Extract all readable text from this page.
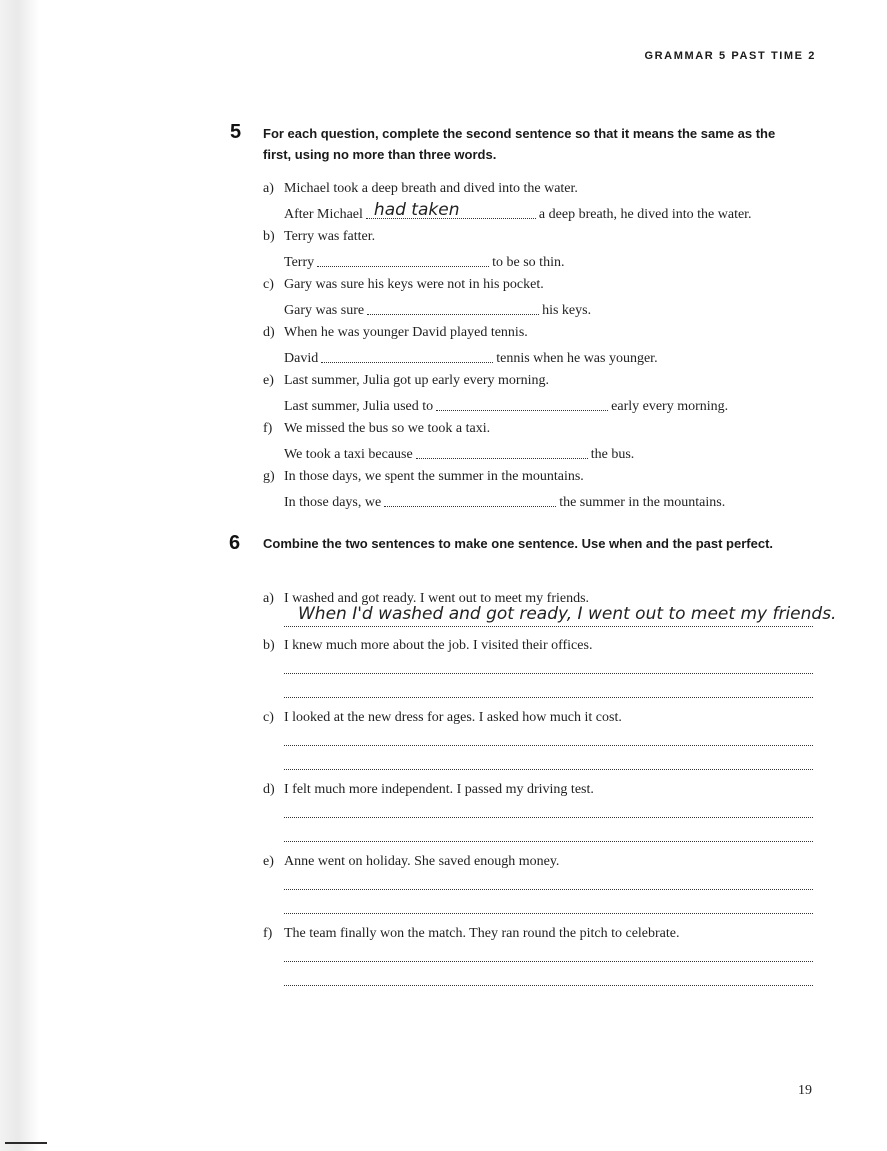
GRAMMAR 5 PAST TIME 2
5 For each question, complete the second sentence so that it means the same as the first, using no more than three words.
a) Michael took a deep breath and dived into the water.
After Michael had taken	a deep breath, he dived into the water.
b) Terry was fatter.
Terry	to be so thin.
c) Gary was sure his keys were not in his pocket.
Gary was sure	his keys.
d) When he was younger David played tennis.
David	tennis when he was younger.
e) Last summer, Julia got up early every morning.
Last summer, Julia used to	early every morning.
f) We missed the bus so we took a taxi.
We took a taxi because	the bus.
g) In those days, we spent the summer in the mountains.
In those days, we	the summer in the mountains.
6 Combine the two sentences to make one sentence. Use when and the past perfect.
a) I washed and got ready. I went out to meet my friends.
When I'd washed and got ready, I went out to meet my friends.
b) I knew much more about the job. I visited their offices.
c) I looked at the new dress for ages. I asked how much it cost.
d) I felt much more independent. I passed my driving test.
e) Anne went on holiday. She saved enough money.
f) The team finally won the match. They ran round the pitch to celebrate.
19
